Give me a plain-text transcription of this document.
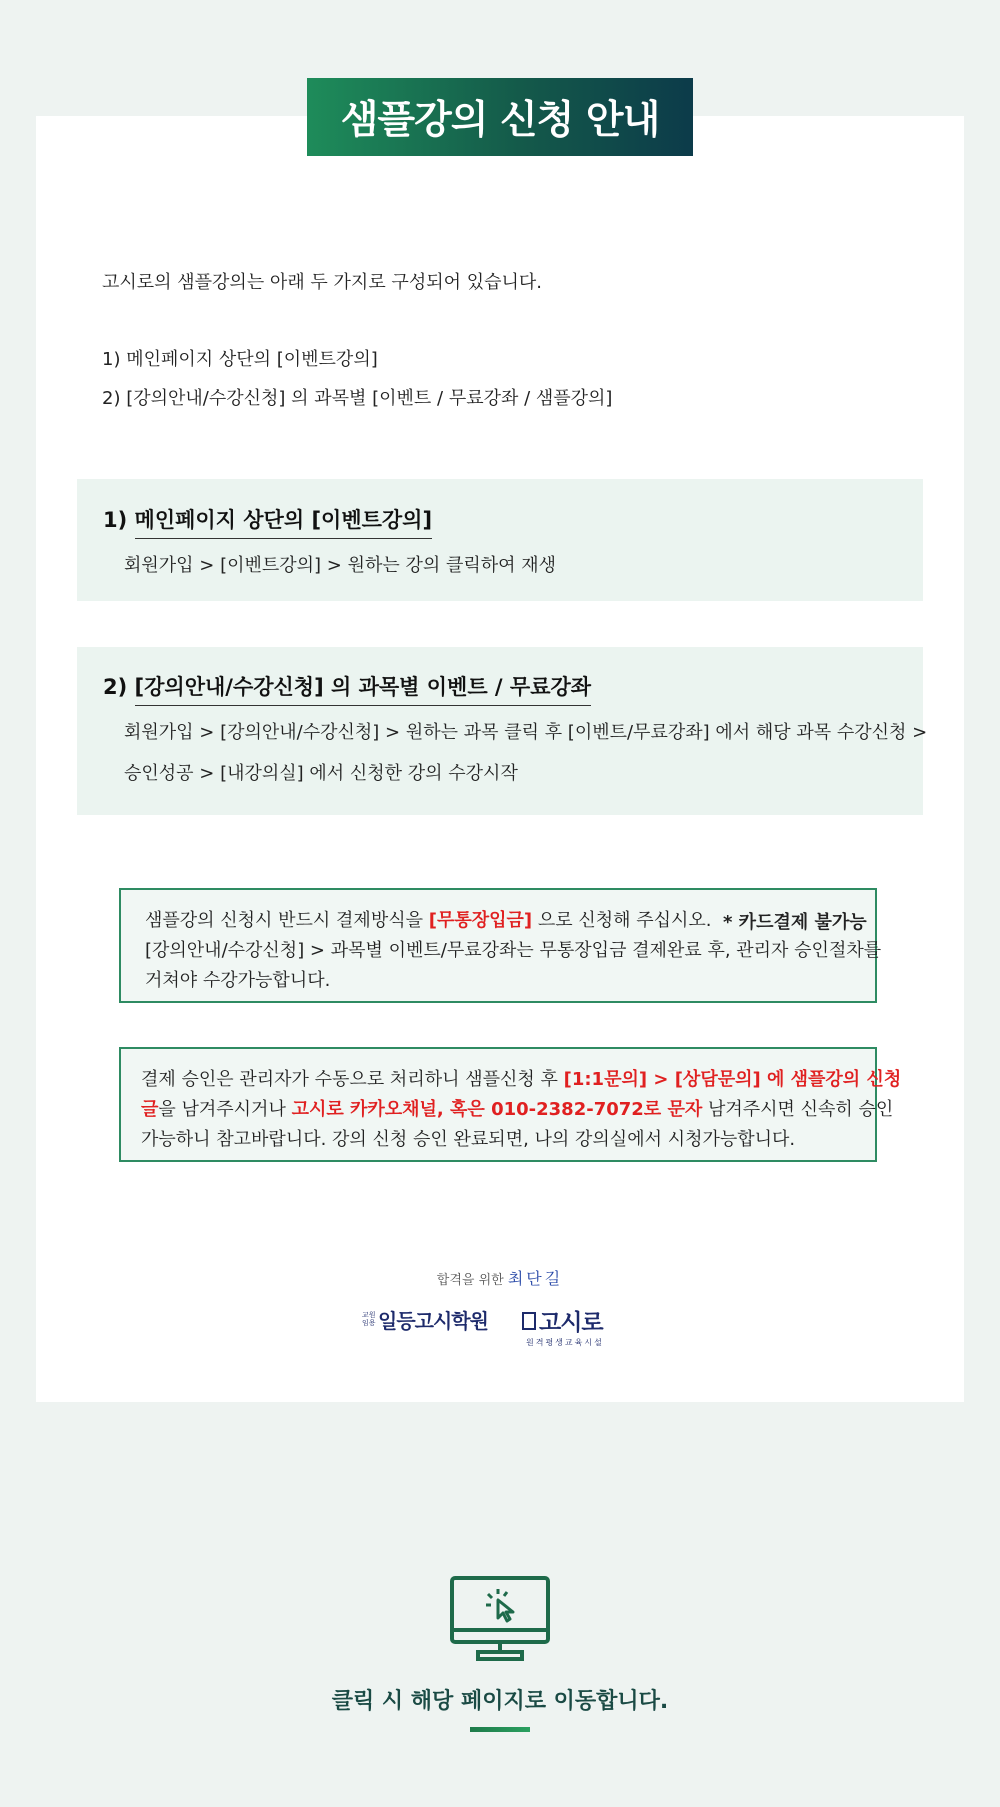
샘플강의 신청 안내
고시로의 샘플강의는 아래 두 가지로 구성되어 있습니다.
1) 메인페이지 상단의 [이벤트강의]
2) [강의안내/수강신청] 의 과목별 [이벤트 / 무료강좌 / 샘플강의]
1) 메인페이지 상단의 [이벤트강의]
회원가입 > [이벤트강의] > 원하는 강의 클릭하여 재생
2) [강의안내/수강신청] 의 과목별 이벤트 / 무료강좌
회원가입 > [강의안내/수강신청] > 원하는 과목 클릭 후 [이벤트/무료강좌] 에서 해당 과목 수강신청 >
승인성공 > [내강의실] 에서 신청한 강의 수강시작
샘플강의 신청시 반드시 결제방식을 [무통장입금] 으로 신청해 주십시오. * 카드결제 불가능
[강의안내/수강신청] > 과목별 이벤트/무료강좌는 무통장입금 결제완료 후, 관리자 승인절차를
거쳐야 수강가능합니다.
결제 승인은 관리자가 수동으로 처리하니 샘플신청 후 [1:1문의] > [상담문의] 에 샘플강의 신청
글을 남겨주시거나 고시로 카카오채널, 혹은 010-2382-7072로 문자 남겨주시면 신속히 승인
가능하니 참고바랍니다. 강의 신청 승인 완료되면, 나의 강의실에서 시청가능합니다.
합격을 위한 최단길
교원임용 일등고시학원 고시로
원격평생교육시설
클릭 시 해당 페이지로 이동합니다.
